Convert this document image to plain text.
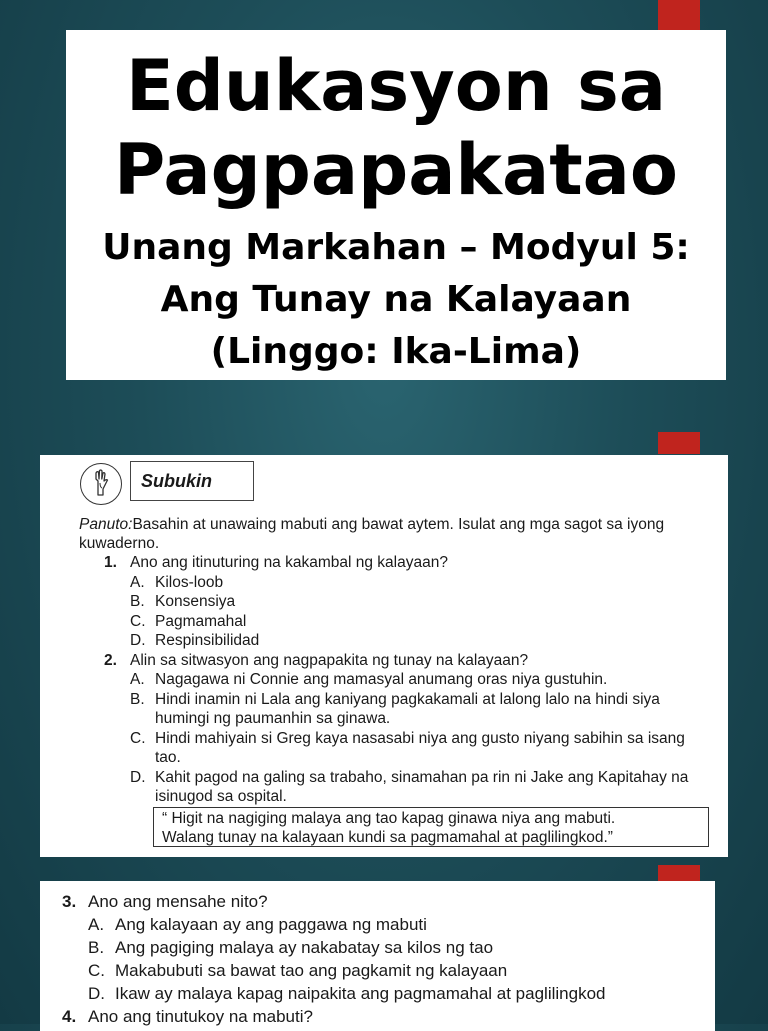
Edukasyon sa
Pagpapakatao
Unang Markahan – Modyul 5:
Ang Tunay na Kalayaan
(Linggo: Ika-Lima)
Subukin
Panuto:Basahin at unawaing mabuti ang bawat aytem. Isulat ang mga sagot sa iyong kuwaderno.
1. Ano ang itinuturing na kakambal ng kalayaan?
A. Kilos-loob
B. Konsensiya
C. Pagmamahal
D. Respinsibilidad
2. Alin sa sitwasyon ang nagpapakita ng tunay na kalayaan?
A. Nagagawa ni Connie ang mamasyal anumang oras niya gustuhin.
B. Hindi inamin ni Lala ang kaniyang pagkakamali at lalong lalo na hindi siya humingi ng paumanhin sa ginawa.
C. Hindi mahiyain si Greg kaya nasasabi niya ang gusto niyang sabihin sa isang tao.
D. Kahit pagod na galing sa trabaho, sinamahan pa rin ni Jake ang Kapitahay na isinugod sa ospital.
“ Higit na nagiging malaya ang tao kapag ginawa niya ang mabuti.
Walang tunay na kalayaan kundi sa pagmamahal at paglilingkod.”
3. Ano ang mensahe nito?
A. Ang kalayaan ay ang paggawa ng mabuti
B. Ang pagiging malaya ay nakabatay sa kilos ng tao
C. Makabubuti sa bawat tao ang pagkamit ng kalayaan
D. Ikaw ay malaya kapag naipakita ang pagmamahal at paglilingkod
4. Ano ang tinutukoy na mabuti?
